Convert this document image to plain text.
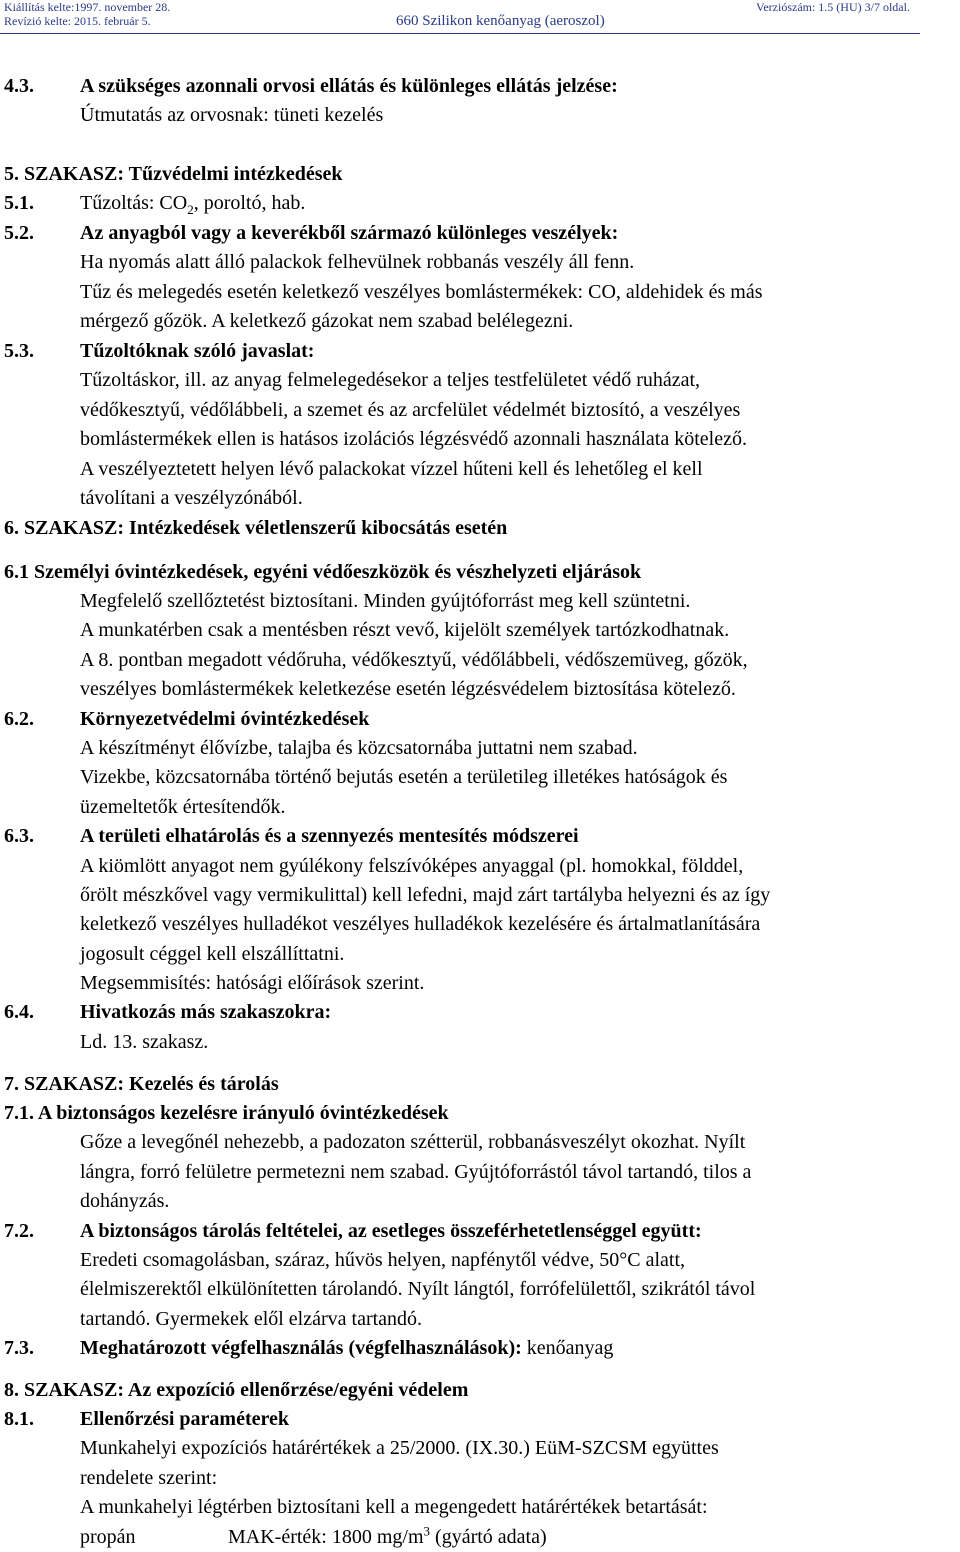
Kiállítás kelte:1997. november 28.
Revízió kelte: 2015. február 5.	660 Szilikon kenőanyag (aeroszol)
Verziószám: 1.5 (HU) 3/7 oldal.
4.3. A szükséges azonnali orvosi ellátás és különleges ellátás jelzése:
Útmutatás az orvosnak: tüneti kezelés
5. SZAKASZ: Tűzvédelmi intézkedések
5.1. Tűzoltás: $CO_2$, poroltó, hab.
5.2. Az anyagból vagy a keverékből származó különleges veszélyek:
Ha nyomás alatt álló palackok felhevülnek robbanás veszély áll fenn.
Tűz és melegedés esetén keletkező veszélyes bomlástermékek: CO, aldehidek és más
mérgező gőzök. A keletkező gázokat nem szabad belélegezni.
5.3. Tűzoltóknak szóló javaslat:
Tűzoltáskor, ill. az anyag felmelegedésekor a teljes testfelületet védő ruházat,
védőkesztyű, védőlábbeli, a szemet és az arcfelület védelmét biztosító, a veszélyes
bomlástermékek ellen is hatásos izolációs légzésvédő azonnali használata kötelező.
A veszélyeztetett helyen lévő palackokat vízzel hűteni kell és lehetőleg el kell
távolítani a veszélyzónából.
6. SZAKASZ: Intézkedések véletlenszerű kibocsátás esetén
6.1 Személyi óvintézkedések, egyéni védőeszközök és vészhelyzeti eljárások
Megfelelő szellőztetést biztosítani. Minden gyújtóforrást meg kell szüntetni.
A munkatérben csak a mentésben részt vevő, kijelölt személyek tartózkodhatnak.
A 8. pontban megadott védőruha, védőkesztyű, védőlábbeli, védőszemüveg, gőzök,
veszélyes bomlástermékek keletkezése esetén légzésvédelem biztosítása kötelező.
6.2. Környezetvédelmi óvintézkedések
A készítményt élővízbe, talajba és közcsatornába juttatni nem szabad.
Vizekbe, közcsatornába történő bejutás esetén a területileg illetékes hatóságok és
üzemeltetők értesítendők.
6.3. A területi elhatárolás és a szennyezés mentesítés módszerei
A kiömlött anyagot nem gyúlékony felszívóképes anyaggal (pl. homokkal, földdel,
őrölt mészkővel vagy vermikulittal) kell lefedni, majd zárt tartályba helyezni és az így
keletkező veszélyes hulladékot veszélyes hulladékok kezelésére és ártalmatlanítására
jogosult céggel kell elszállíttatni.
Megsemmisítés: hatósági előírások szerint.
6.4. Hivatkozás más szakaszokra:
Ld. 13. szakasz.
7. SZAKASZ: Kezelés és tárolás
7.1. A biztonságos kezelésre irányuló óvintézkedések
Gőze a levegőnél nehezebb, a padozaton szétterül, robbanásveszélyt okozhat. Nyílt
lángra, forró felületre permetezni nem szabad. Gyújtóforrástól távol tartandó, tilos a
dohányzás.
7.2. A biztonságos tárolás feltételei, az esetleges összeférhetetlenséggel együtt:
Eredeti csomagolásban, száraz, hűvös helyen, napfénytől védve, 50°C alatt,
élelmiszerektől elkülönítetten tárolandó. Nyílt lángtól, forrófelülettől, szikrától távol
tartandó. Gyermekek elől elzárva tartandó.
7.3. Meghatározott végfelhasználás (végfelhasználások): kenőanyag
8. SZAKASZ: Az expozíció ellenőrzése/egyéni védelem
8.1. Ellenőrzési paraméterek
Munkahelyi expozíciós határértékek a 25/2000. (IX.30.) EüM-SZCSM együttes
rendelete szerint:
A munkahelyi légtérben biztosítani kell a megengedett határértékek betartását:
propán	MAK-érték: 1800 $mg/m^3$ (gyártó adata)
